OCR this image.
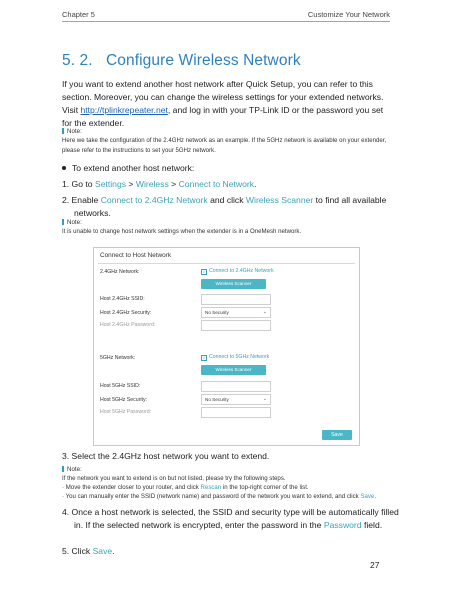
Chapter 5	Customize Your Network
5. 2. Configure Wireless Network
If you want to extend another host network after Quick Setup, you can refer to this section. Moreover, you can change the wireless settings for your extended networks.
Visit http://tplinkrepeater.net, and log in with your TP-Link ID or the password you set for the extender.
Note:
Here we take the configuration of the 2.4GHz network as an example. If the 5GHz network is available on your extender, please refer to the instructions to set your 5GHz network.
To extend another host network:
1. Go to Settings > Wireless > Connect to Network.
2. Enable Connect to 2.4GHz Network and click Wireless Scanner to find all available networks.
Note:
It is unable to change host network settings when the extender is in a OneMesh network.
Connect to Host Network
2.4GHz Network:	✓ Connect to 2.4GHz Network
Wireless Scanner
Host 2.4GHz SSID:
Host 2.4GHz Security:	No Security	⌄
Host 2.4GHz Password:
5GHz Network:	✓ Connect to 5GHz Network
Wireless Scanner
Host 5GHz SSID:
Host 5GHz Security:	No Security	⌄
Host 5GHz Password:
Save
3. Select the 2.4GHz host network you want to extend.
Note:
If the network you want to extend is on but not listed, please try the following steps.
· Move the extender closer to your router, and click Rescan in the top-right corner of the list.
· You can manually enter the SSID (network name) and password of the network you want to extend, and click Save.
4. Once a host network is selected, the SSID and security type will be automatically filled in. If the selected network is encrypted, enter the password in the Password field.
5. Click Save.
27
